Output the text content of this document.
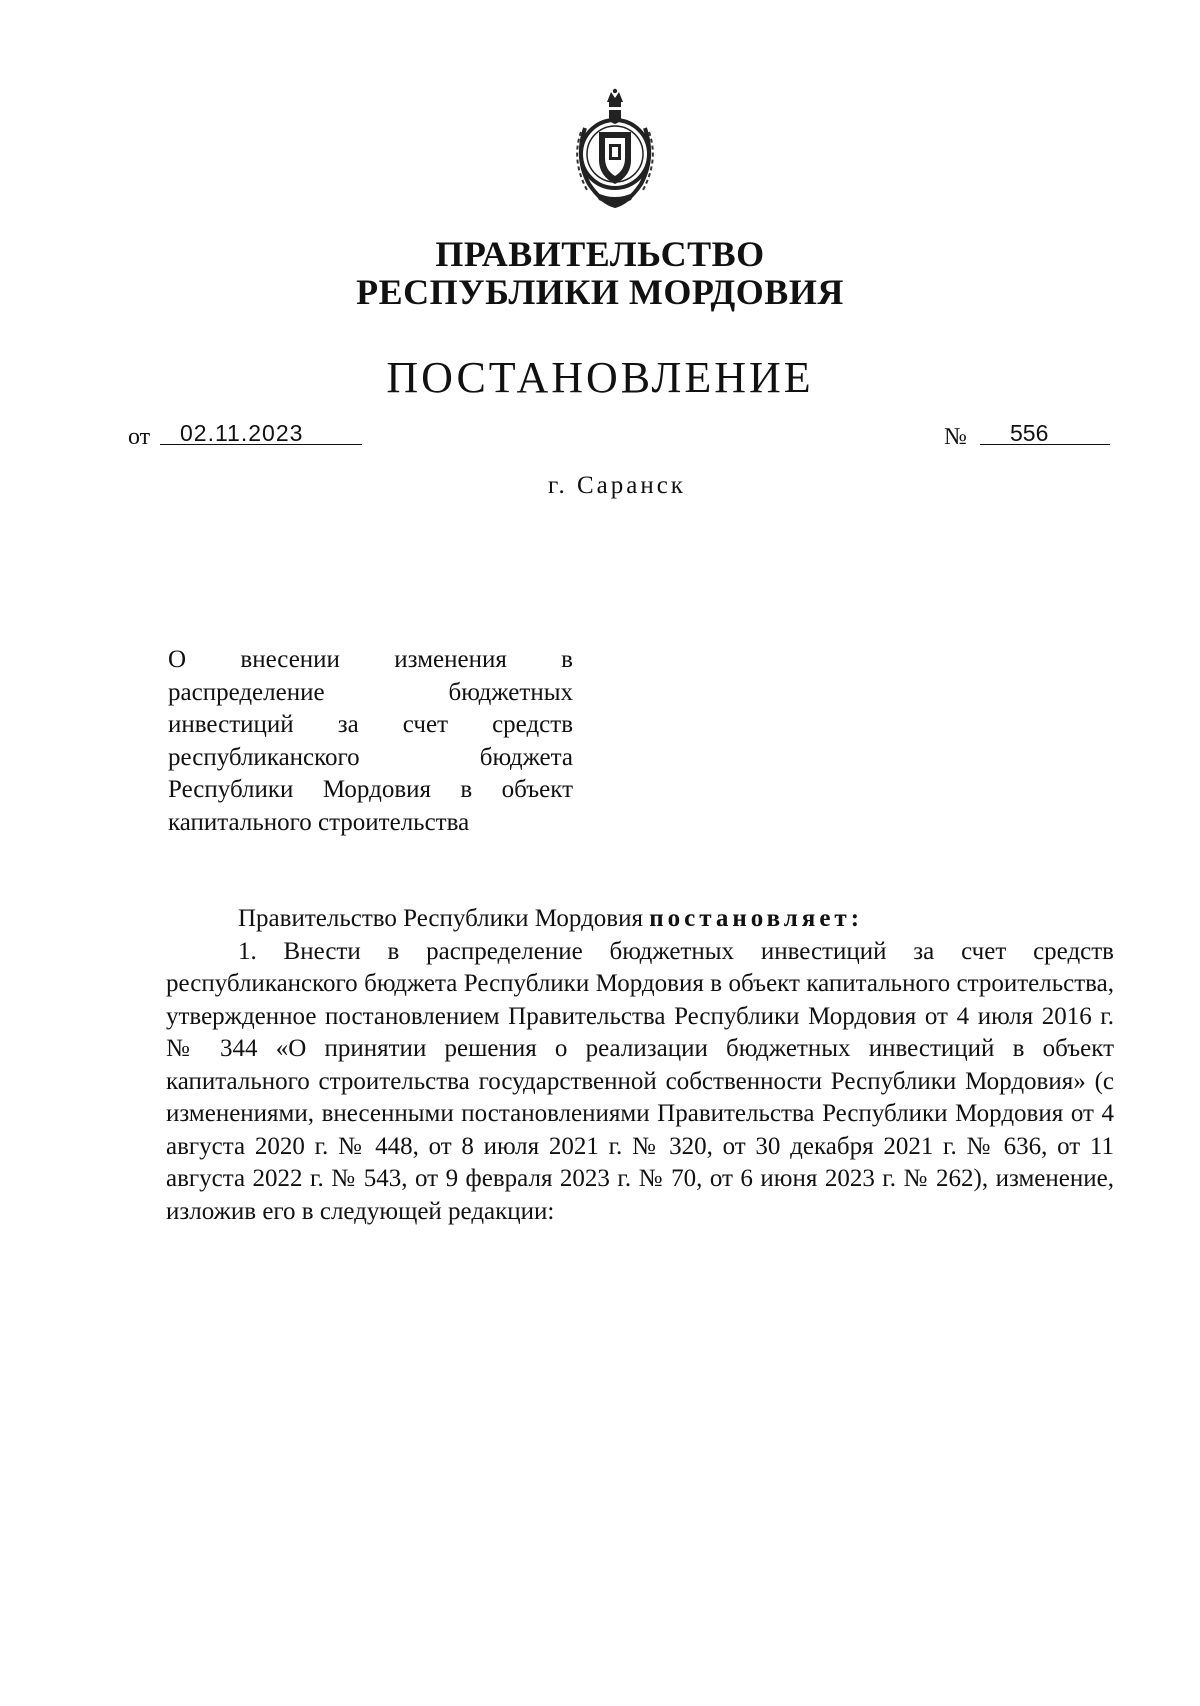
ПРАВИТЕЛЬСТВО
РЕСПУБЛИКИ МОРДОВИЯ
ПОСТАНОВЛЕНИЕ
от 02.11.2023	№ 556
г. Саранск
О внесении изменения в распределение бюджетных инвестиций за счет средств республиканского бюджета Республики Мордовия в объект капитального строительства
Правительство Республики Мордовия постановляет:
1. Внести в распределение бюджетных инвестиций за счет средств республиканского бюджета Республики Мордовия в объект капитального строительства, утвержденное постановлением Правительства Республики Мордовия от 4 июля 2016 г. № 344 «О принятии решения о реализации бюджетных инвестиций в объект капитального строительства государственной собственности Республики Мордовия» (с изменениями, внесенными постановлениями Правительства Республики Мордовия от 4 августа 2020 г. № 448, от 8 июля 2021 г. № 320, от 30 декабря 2021 г. № 636, от 11 августа 2022 г. № 543, от 9 февраля 2023 г. № 70, от 6 июня 2023 г. № 262), изменение, изложив его в следующей редакции:
